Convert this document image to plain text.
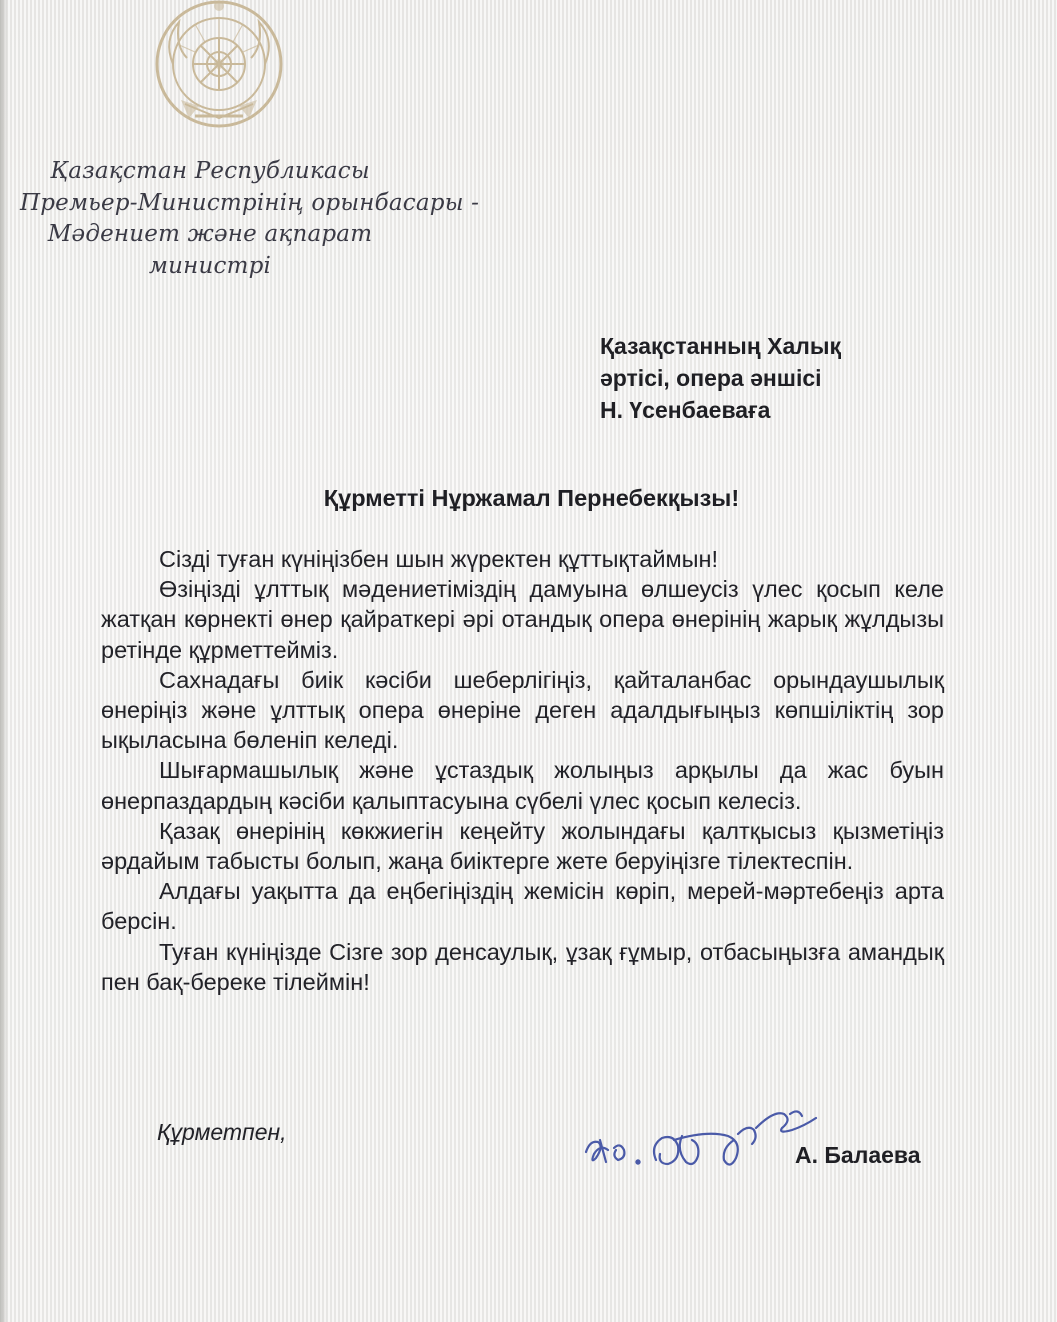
Қазақстан Республикасы
Премьер-Министрінің орынбасары -
Мәдениет және ақпарат
министрі
Қазақстанның Халық
әртісі, опера әншісі
Н. Үсенбаеваға
Құрметті Нұржамал Пернебекқызы!

Сізді туған күніңізбен шын жүректен құттықтаймын!

Өзіңізді ұлттық мәдениетіміздің дамуына өлшеусіз үлес қосып келе жатқан көрнекті өнер қайраткері әрі отандық опера өнерінің жарық жұлдызы ретінде құрметтейміз.

Сахнадағы биік кәсіби шеберлігіңіз, қайталанбас орындаушылық өнеріңіз және ұлттық опера өнеріне деген адалдығыңыз көпшіліктің зор ықыласына бөленіп келеді.

Шығармашылық және ұстаздық жолыңыз арқылы да жас буын өнерпаздардың кәсіби қалыптасуына сүбелі үлес қосып келесіз.

Қазақ өнерінің көкжиегін кеңейту жолындағы қалтқысыз қызметіңіз әрдайым табысты болып, жаңа биіктерге жете беруіңізге тілектеспін.

Алдағы уақытта да еңбегіңіздің жемісін көріп, мерей-мәртебеңіз арта берсін.

Туған күніңізде Сізге зор денсаулық, ұзақ ғұмыр, отбасыңызға амандық пен бақ-береке тілеймін!

Құрметпен,
А. Балаева
